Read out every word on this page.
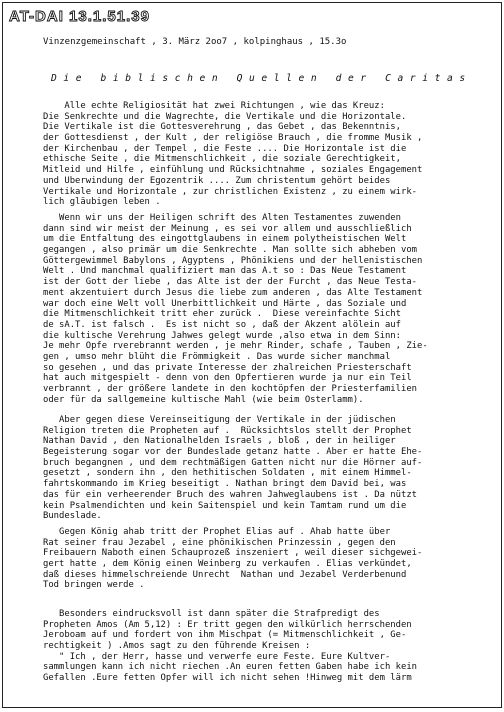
AT-DAI 13.1.51.39
Vinzenzgemeinschaft , 3. März 2oo7 , kolpinghaus , 15.3o
Die biblischen Quellen der Caritas
Alle echte Religiosität hat zwei Richtungen , wie das Kreuz:
Die Senkrechte und die Wagrechte, die Vertikale und die Horizontale.
Die Vertikale ist die Gottesverehrung , das Gebet , das Bekenntnis,
der Gottesdienst , der Kult , der religiöse Brauch , die fromme Musik ,
der Kirchenbau , der Tempel , die Feste .... Die Horizontale ist die
ethische Seite , die Mitmenschlichkeit , die soziale Gerechtigkeit,
Mitleid und Hilfe , einfühlung und Rücksichtnahme , soziales Engagement
und Überwindung der Egozentrik .... Zum christentum gehört beides
Vertikale und Horizontale , zur christlichen Existenz , zu einem wirk-
lich gläubigen leben .
Wenn wir uns der Heiligen schrift des Alten Testamentes zuwenden
dann sind wir meist der Meinung , es sei vor allem und ausschließlich
um die Entfaltung des eingottglaubens in einem polytheistischen Welt
gegangen , also primär um die Senkrechte . Man sollte sich abheben vom
Göttergewimmel Babylons , Ägyptens , Phönikiens und der hellenistischen
Welt . Und manchmal qualifiziert man das A.t so : Das Neue Testament
ist der Gott der liebe , das Alte ist der der Furcht , das Neue Testa-
ment akzentuiert durch Jesus die liebe zum anderen , das Alte Testament
war doch eine Welt voll Unerbittlichkeit und Härte , das Soziale und
die Mitmenschlichkeit tritt eher zurück .  Diese vereinfachte Sicht
de sA.T. ist falsch .  Es ist nicht so , daß der Akzent alölein auf
die kultische Verehrung Jahwes gelegt wurde ,also etwa in dem Sinn:
Je mehr Opfe rverebrannt werden , je mehr Rinder, schafe , Tauben , Zie-
gen , umso mehr blüht die Frömmigkeit . Das wurde sicher manchmal
so gesehen , und das private Interesse der zhalreichen Priesterschaft
hat auch mitgespielt - denn von den Opfertieren wurde ja nur ein Teil
verbrannt , der größere landete in den kochtöpfen der Priesterfamilien
oder für da sallgemeine kultische Mahl (wie beim Osterlamm).
Aber gegen diese Vereinseitigung der Vertikale in der jüdischen
Religion treten die Propheten auf .  Rücksichtslos stellt der Prophet
Nathan David , den Nationalhelden Israels , bloß , der in heiliger
Begeisterung sogar vor der Bundeslade getanz hatte . Aber er hatte Ehe-
bruch begangnen , und dem rechtmäßigen Gatten nicht nur die Hörner auf-
gesetzt , sondern ihn , den hethitischen Soldaten , mit einem Himmel-
fahrtskommando im Krieg beseitigt . Nathan bringt dem David bei, was
das für ein verheerender Bruch des wahren Jahweglaubens ist . Da nützt
kein Psalmendichten und kein Saitenspiel und kein Tamtam rund um die
Bundeslade.
Gegen König ahab tritt der Prophet Elias auf . Ahab hatte über
Rat seiner frau Jezabel , eine phönikischen Prinzessin , gegen den
Freibauern Naboth einen Schauprozeß inszeniert , weil dieser sichgewei-
gert hatte , dem König einen Weinberg zu verkaufen . Elias verkündet,
daß dieses himmelschreiende Unrecht  Nathan und Jezabel Verderbenund
Tod bringen werde .
Besonders eindrucksvoll ist dann später die Strafpredigt des
Propheten Amos (Am 5,12) : Er tritt gegen den wilkürlich herrschenden
Jeroboam auf und fordert von ihm Mischpat (= Mitmenschlichkeit , Ge-
rechtigkeit ) .Amos sagt zu den führende Kreisen :
" Ich , der Herr, hasse und verwerfe eure Feste. Eure Kultver-
sammlungen kann ich nicht riechen .An euren fetten Gaben habe ich kein
Gefallen .Eure fetten Opfer will ich nicht sehen !Hinweg mit dem lärm
